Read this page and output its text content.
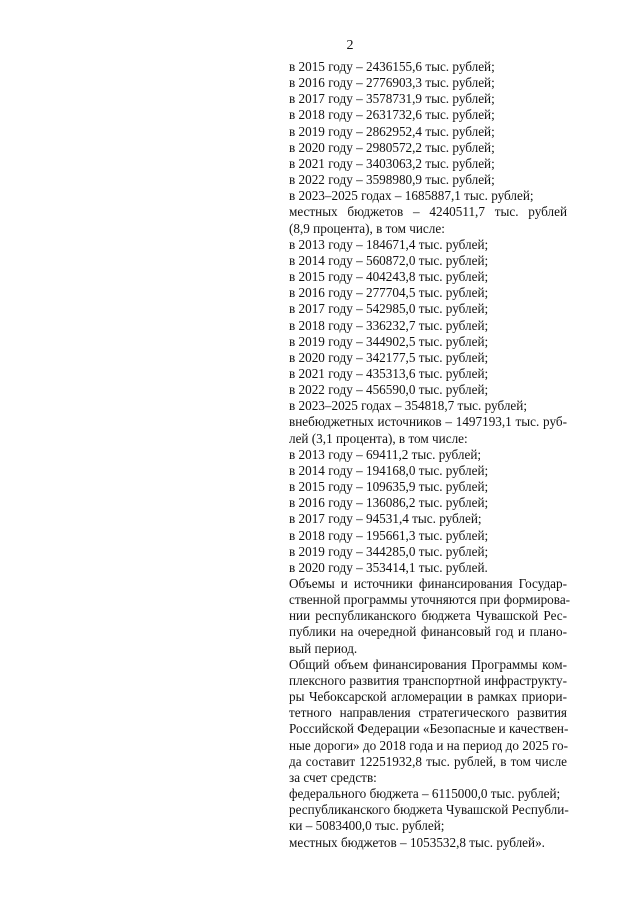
2
в 2015 году – 2436155,6 тыс. рублей;
в 2016 году – 2776903,3 тыс. рублей;
в 2017 году – 3578731,9 тыс. рублей;
в 2018 году – 2631732,6 тыс. рублей;
в 2019 году – 2862952,4 тыс. рублей;
в 2020 году – 2980572,2 тыс. рублей;
в 2021 году – 3403063,2 тыс. рублей;
в 2022 году – 3598980,9 тыс. рублей;
в 2023–2025 годах – 1685887,1 тыс. рублей;
местных бюджетов – 4240511,7 тыс. рублей
(8,9 процента), в том числе:
в 2013 году – 184671,4 тыс. рублей;
в 2014 году – 560872,0 тыс. рублей;
в 2015 году – 404243,8 тыс. рублей;
в 2016 году – 277704,5 тыс. рублей;
в 2017 году – 542985,0 тыс. рублей;
в 2018 году – 336232,7 тыс. рублей;
в 2019 году – 344902,5 тыс. рублей;
в 2020 году – 342177,5 тыс. рублей;
в 2021 году – 435313,6 тыс. рублей;
в 2022 году – 456590,0 тыс. рублей;
в 2023–2025 годах – 354818,7 тыс. рублей;
внебюджетных источников – 1497193,1 тыс. руб-
лей (3,1 процента), в том числе:
в 2013 году – 69411,2 тыс. рублей;
в 2014 году – 194168,0 тыс. рублей;
в 2015 году – 109635,9 тыс. рублей;
в 2016 году – 136086,2 тыс. рублей;
в 2017 году – 94531,4 тыс. рублей;
в 2018 году – 195661,3 тыс. рублей;
в 2019 году – 344285,0 тыс. рублей;
в 2020 году – 353414,1 тыс. рублей.
Объемы и источники финансирования Государ-
ственной программы уточняются при формирова-
нии республиканского бюджета Чувашской Рес-
публики на очередной финансовый год и плано-
вый период.
Общий объем финансирования Программы ком-
плексного развития транспортной инфраструкту-
ры Чебоксарской агломерации в рамках приори-
тетного направления стратегического развития
Российской Федерации «Безопасные и качествен-
ные дороги» до 2018 года и на период до 2025 го-
да составит 12251932,8 тыс. рублей, в том числе
за счет средств:
федерального бюджета – 6115000,0 тыс. рублей;
республиканского бюджета Чувашской Республи-
ки – 5083400,0 тыс. рублей;
местных бюджетов – 1053532,8 тыс. рублей».
